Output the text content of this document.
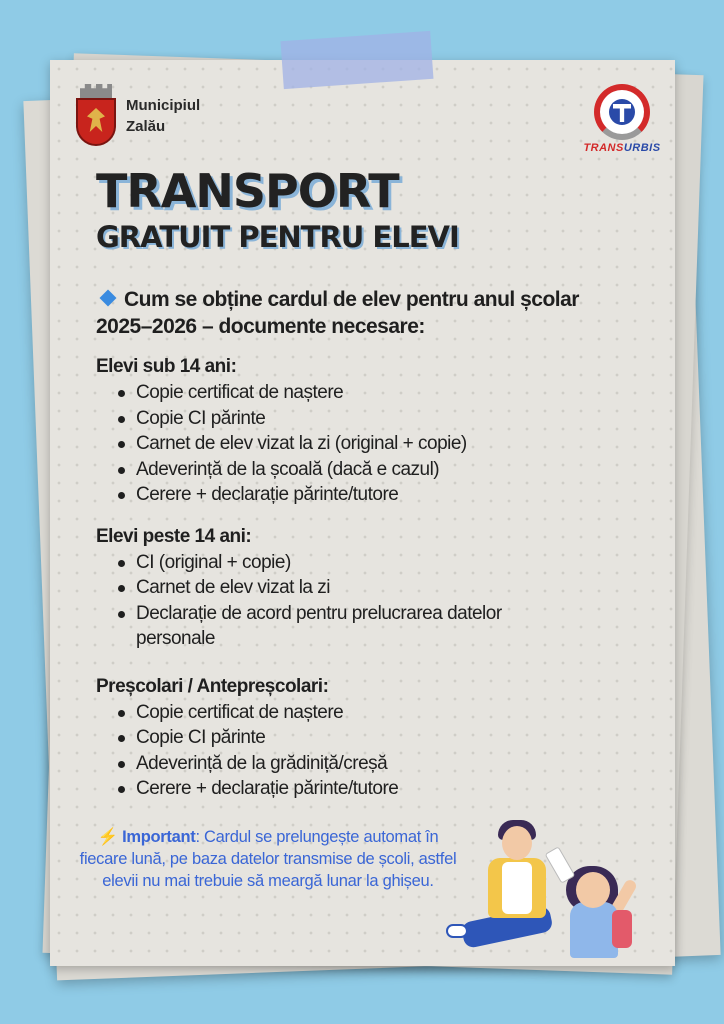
Municipiul
Zalău
TRANSURBIS
TRANSPORT
GRATUIT PENTRU ELEVI
Cum se obține cardul de elev pentru anul școlar 2025–2026 – documente necesare:
Elevi sub 14 ani:
Copie certificat de naștere
Copie CI părinte
Carnet de elev vizat la zi (original + copie)
Adeverință de la școală (dacă e cazul)
Cerere + declarație părinte/tutore
Elevi peste 14 ani:
CI (original + copie)
Carnet de elev vizat la zi
Declarație de acord pentru prelucrarea datelor personale
Preșcolari / Antepreșcolari:
Copie certificat de naștere
Copie CI părinte
Adeverință de la grădiniță/creșă
Cerere + declarație părinte/tutore
⚡ Important: Cardul se prelungește automat în fiecare lună, pe baza datelor transmise de școli, astfel elevii nu mai trebuie să meargă lunar la ghișeu.
